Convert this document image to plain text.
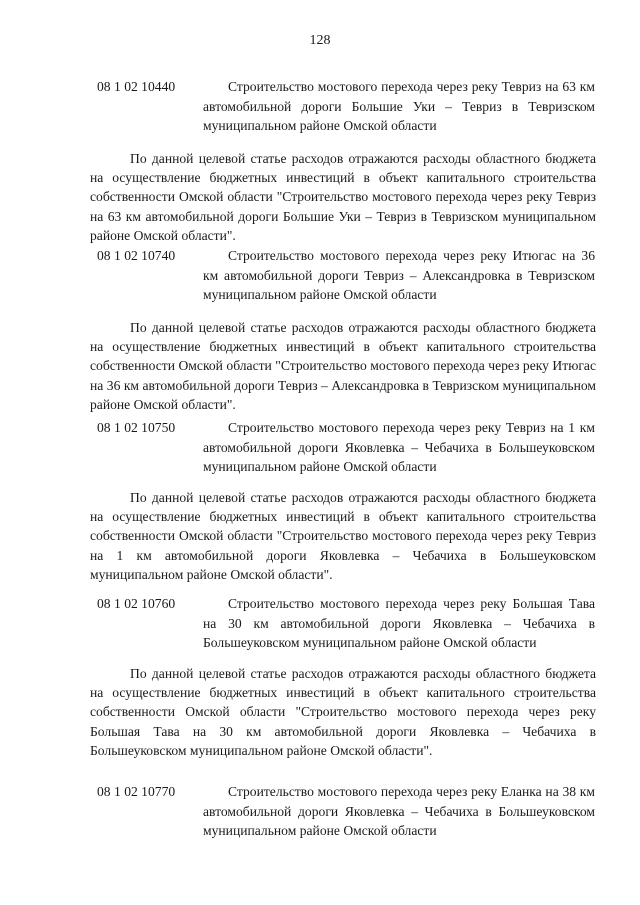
128
08 1 02 10440	Строительство мостового перехода через реку Тевриз на 63 км автомобильной дороги Большие Уки – Тевриз в Тевризском муниципальном районе Омской области
По данной целевой статье расходов отражаются расходы областного бюджета на осуществление бюджетных инвестиций в объект капитального строительства собственности Омской области "Строительство мостового перехода через реку Тевриз на 63 км автомобильной дороги Большие Уки – Тевриз в Тевризском муниципальном районе Омской области".
08 1 02 10740	Строительство мостового перехода через реку Итюгас на 36 км автомобильной дороги Тевриз – Александровка в Тевризском муниципальном районе Омской области
По данной целевой статье расходов отражаются расходы областного бюджета на осуществление бюджетных инвестиций в объект капитального строительства собственности Омской области "Строительство мостового перехода через реку Итюгас на 36 км автомобильной дороги Тевриз – Александровка в Тевризском муниципальном районе Омской области".
08 1 02 10750	Строительство мостового перехода через реку Тевриз на 1 км автомобильной дороги Яковлевка – Чебачиха в Большеуковском муниципальном районе Омской области
По данной целевой статье расходов отражаются расходы областного бюджета на осуществление бюджетных инвестиций в объект капитального строительства собственности Омской области "Строительство мостового перехода через реку Тевриз на 1 км автомобильной дороги Яковлевка – Чебачиха в Большеуковском муниципальном районе Омской области".
08 1 02 10760	Строительство мостового перехода через реку Большая Тава на 30 км автомобильной дороги Яковлевка – Чебачиха в Большеуковском муниципальном районе Омской области
По данной целевой статье расходов отражаются расходы областного бюджета на осуществление бюджетных инвестиций в объект капитального строительства собственности Омской области "Строительство мостового перехода через реку Большая Тава на 30 км автомобильной дороги Яковлевка – Чебачиха в Большеуковском муниципальном районе Омской области".
08 1 02 10770	Строительство мостового перехода через реку Еланка на 38 км автомобильной дороги Яковлевка – Чебачиха в Большеуковском муниципальном районе Омской области
